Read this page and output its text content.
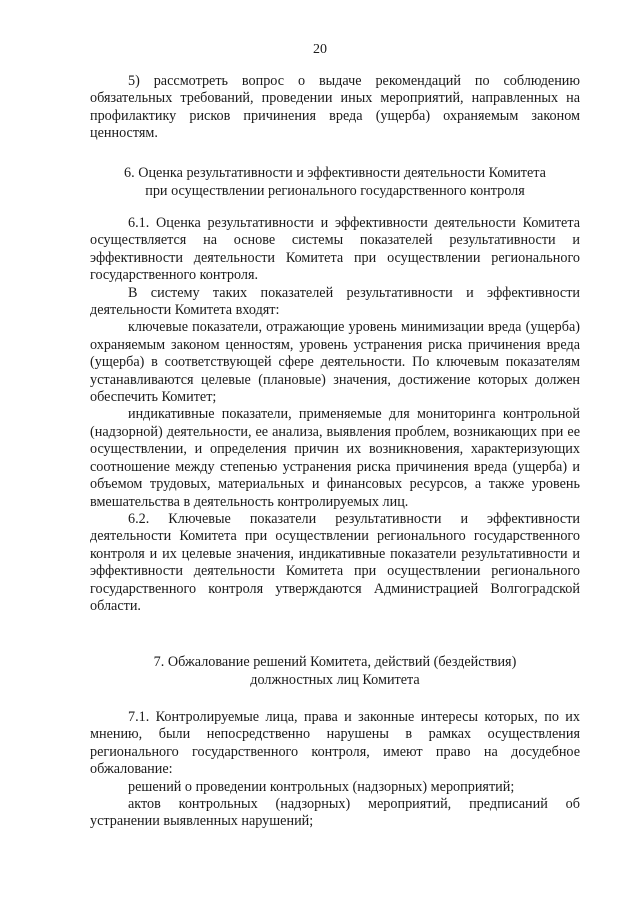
20

5) рассмотреть вопрос о выдаче рекомендаций по соблюдению обязательных требований, проведении иных мероприятий, направленных на профилактику рисков причинения вреда (ущерба) охраняемым законом ценностям.

6. Оценка результативности и эффективности деятельности Комитета
при осуществлении регионального государственного контроля

6.1. Оценка результативности и эффективности деятельности Комитета осуществляется на основе системы показателей результативности и эффективности деятельности Комитета при осуществлении регионального государственного контроля.

В систему таких показателей результативности и эффективности деятельности Комитета входят:

ключевые показатели, отражающие уровень минимизации вреда (ущерба) охраняемым законом ценностям, уровень устранения риска причинения вреда (ущерба) в соответствующей сфере деятельности. По ключевым показателям устанавливаются целевые (плановые) значения, достижение которых должен обеспечить Комитет;

индикативные показатели, применяемые для мониторинга контрольной (надзорной) деятельности, ее анализа, выявления проблем, возникающих при ее осуществлении, и определения причин их возникновения, характеризующих соотношение между степенью устранения риска причинения вреда (ущерба) и объемом трудовых, материальных и финансовых ресурсов, а также уровень вмешательства в деятельность контролируемых лиц.

6.2. Ключевые показатели результативности и эффективности деятельности Комитета при осуществлении регионального государственного контроля и их целевые значения, индикативные показатели результативности и эффективности деятельности Комитета при осуществлении регионального государственного контроля утверждаются Администрацией Волгоградской области.

7. Обжалование решений Комитета, действий (бездействия)
должностных лиц Комитета

7.1. Контролируемые лица, права и законные интересы которых, по их мнению, были непосредственно нарушены в рамках осуществления регионального государственного контроля, имеют право на досудебное обжалование:

решений о проведении контрольных (надзорных) мероприятий;

актов контрольных (надзорных) мероприятий, предписаний об устранении выявленных нарушений;
